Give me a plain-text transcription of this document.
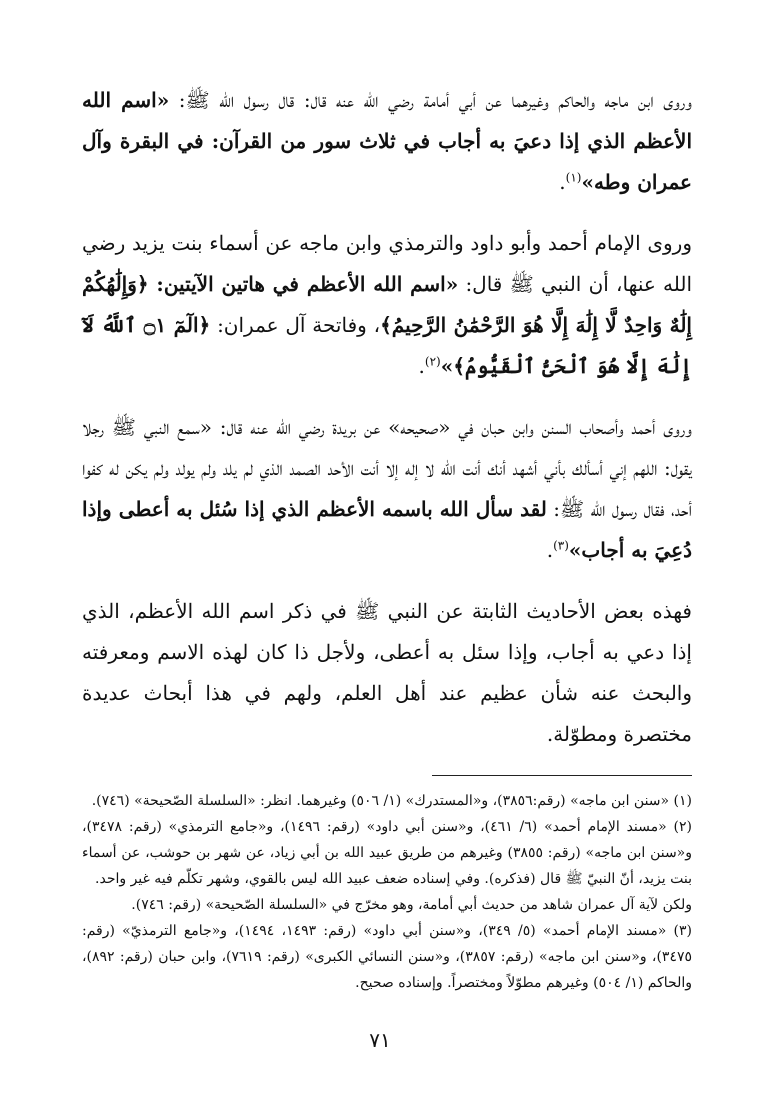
وروى ابن ماجه والحاكم وغيرهما عن أبي أمامة رضي الله عنه قال: قال رسول الله ﷺ: «اسم الله الأعظم الذي إذا دعيَ به أجاب في ثلاث سور من القرآن: في البقرة وآل عمران وطه»$^{(١)}$.

وروى الإمام أحمد وأبو داود والترمذي وابن ماجه عن أسماء بنت يزيد رضي الله عنها، أن النبي ﷺ قال: «اسم الله الأعظم في هاتين الآيتين: ﴿وَإِلَٰهُكُمْ إِلَٰهٌ وَاحِدٌ لَّا إِلَٰهَ إِلَّا هُوَ الرَّحْمَٰنُ الرَّحِيمُ﴾، وفاتحة آل عمران: ﴿الٓمٓ ۝١ ٱللَّهُ لَآ إِلَٰهَ إِلَّا هُوَ ٱلْحَىُّ ٱلْقَيُّومُ﴾»$^{(٢)}$.

وروى أحمد وأصحاب السنن وابن حبان في «صحيحه» عن بريدة رضي الله عنه قال: «سمع النبي ﷺ رجلا يقول: اللهم إني أسألك بأني أشهد أنك أنت الله لا إله إلا أنت الأحد الصمد الذي لم يلد ولم يولد ولم يكن له كفوا أحد، فقال رسول الله ﷺ: لقد سأل الله باسمه الأعظم الذي إذا سُئل به أعطى وإذا دُعِيَ به أجاب»$^{(٣)}$.

فهذه بعض الأحاديث الثابتة عن النبي ﷺ في ذكر اسم الله الأعظم، الذي إذا دعي به أجاب، وإذا سئل به أعطى، ولأجل ذا كان لهذه الاسم ومعرفته والبحث عنه شأن عظيم عند أهل العلم، ولهم في هذا أبحاث عديدة مختصرة ومطوّلة.

(١) «سنن ابن ماجه» (رقم:٣٨٥٦)، و«المستدرك» (١/ ٥٠٦) وغيرهما. انظر: «السلسلة الصّحيحة» (٧٤٦).

(٢) «مسند الإمام أحمد» (٦/ ٤٦١)، و«سنن أبي داود» (رقم: ١٤٩٦)، و«جامع الترمذي» (رقم: ٣٤٧٨)، و«سنن ابن ماجه» (رقم: ٣٨٥٥) وغيرهم من طريق عبيد الله بن أبي زياد، عن شهر بن حوشب، عن أسماء بنت يزيد، أنّ النبيّ ﷺ قال (فذكره). وفي إسناده ضعف عبيد الله ليس بالقوي، وشهر تكلّم فيه غير واحد.

ولكن لآية آل عمران شاهد من حديث أبي أمامة، وهو مخرّج في «السلسلة الصّحيحة» (رقم: ٧٤٦).

(٣) «مسند الإمام أحمد» (٥/ ٣٤٩)، و«سنن أبي داود» (رقم: ١٤٩٣، ١٤٩٤)، و«جامع الترمذيّ» (رقم: ٣٤٧٥)، و«سنن ابن ماجه» (رقم: ٣٨٥٧)، و«سنن النسائي الكبرى» (رقم: ٧٦١٩)، وابن حبان (رقم: ٨٩٢)، والحاكم (١/ ٥٠٤) وغيرهم مطوّلاً ومختصراً. وإسناده صحيح.

٧١
